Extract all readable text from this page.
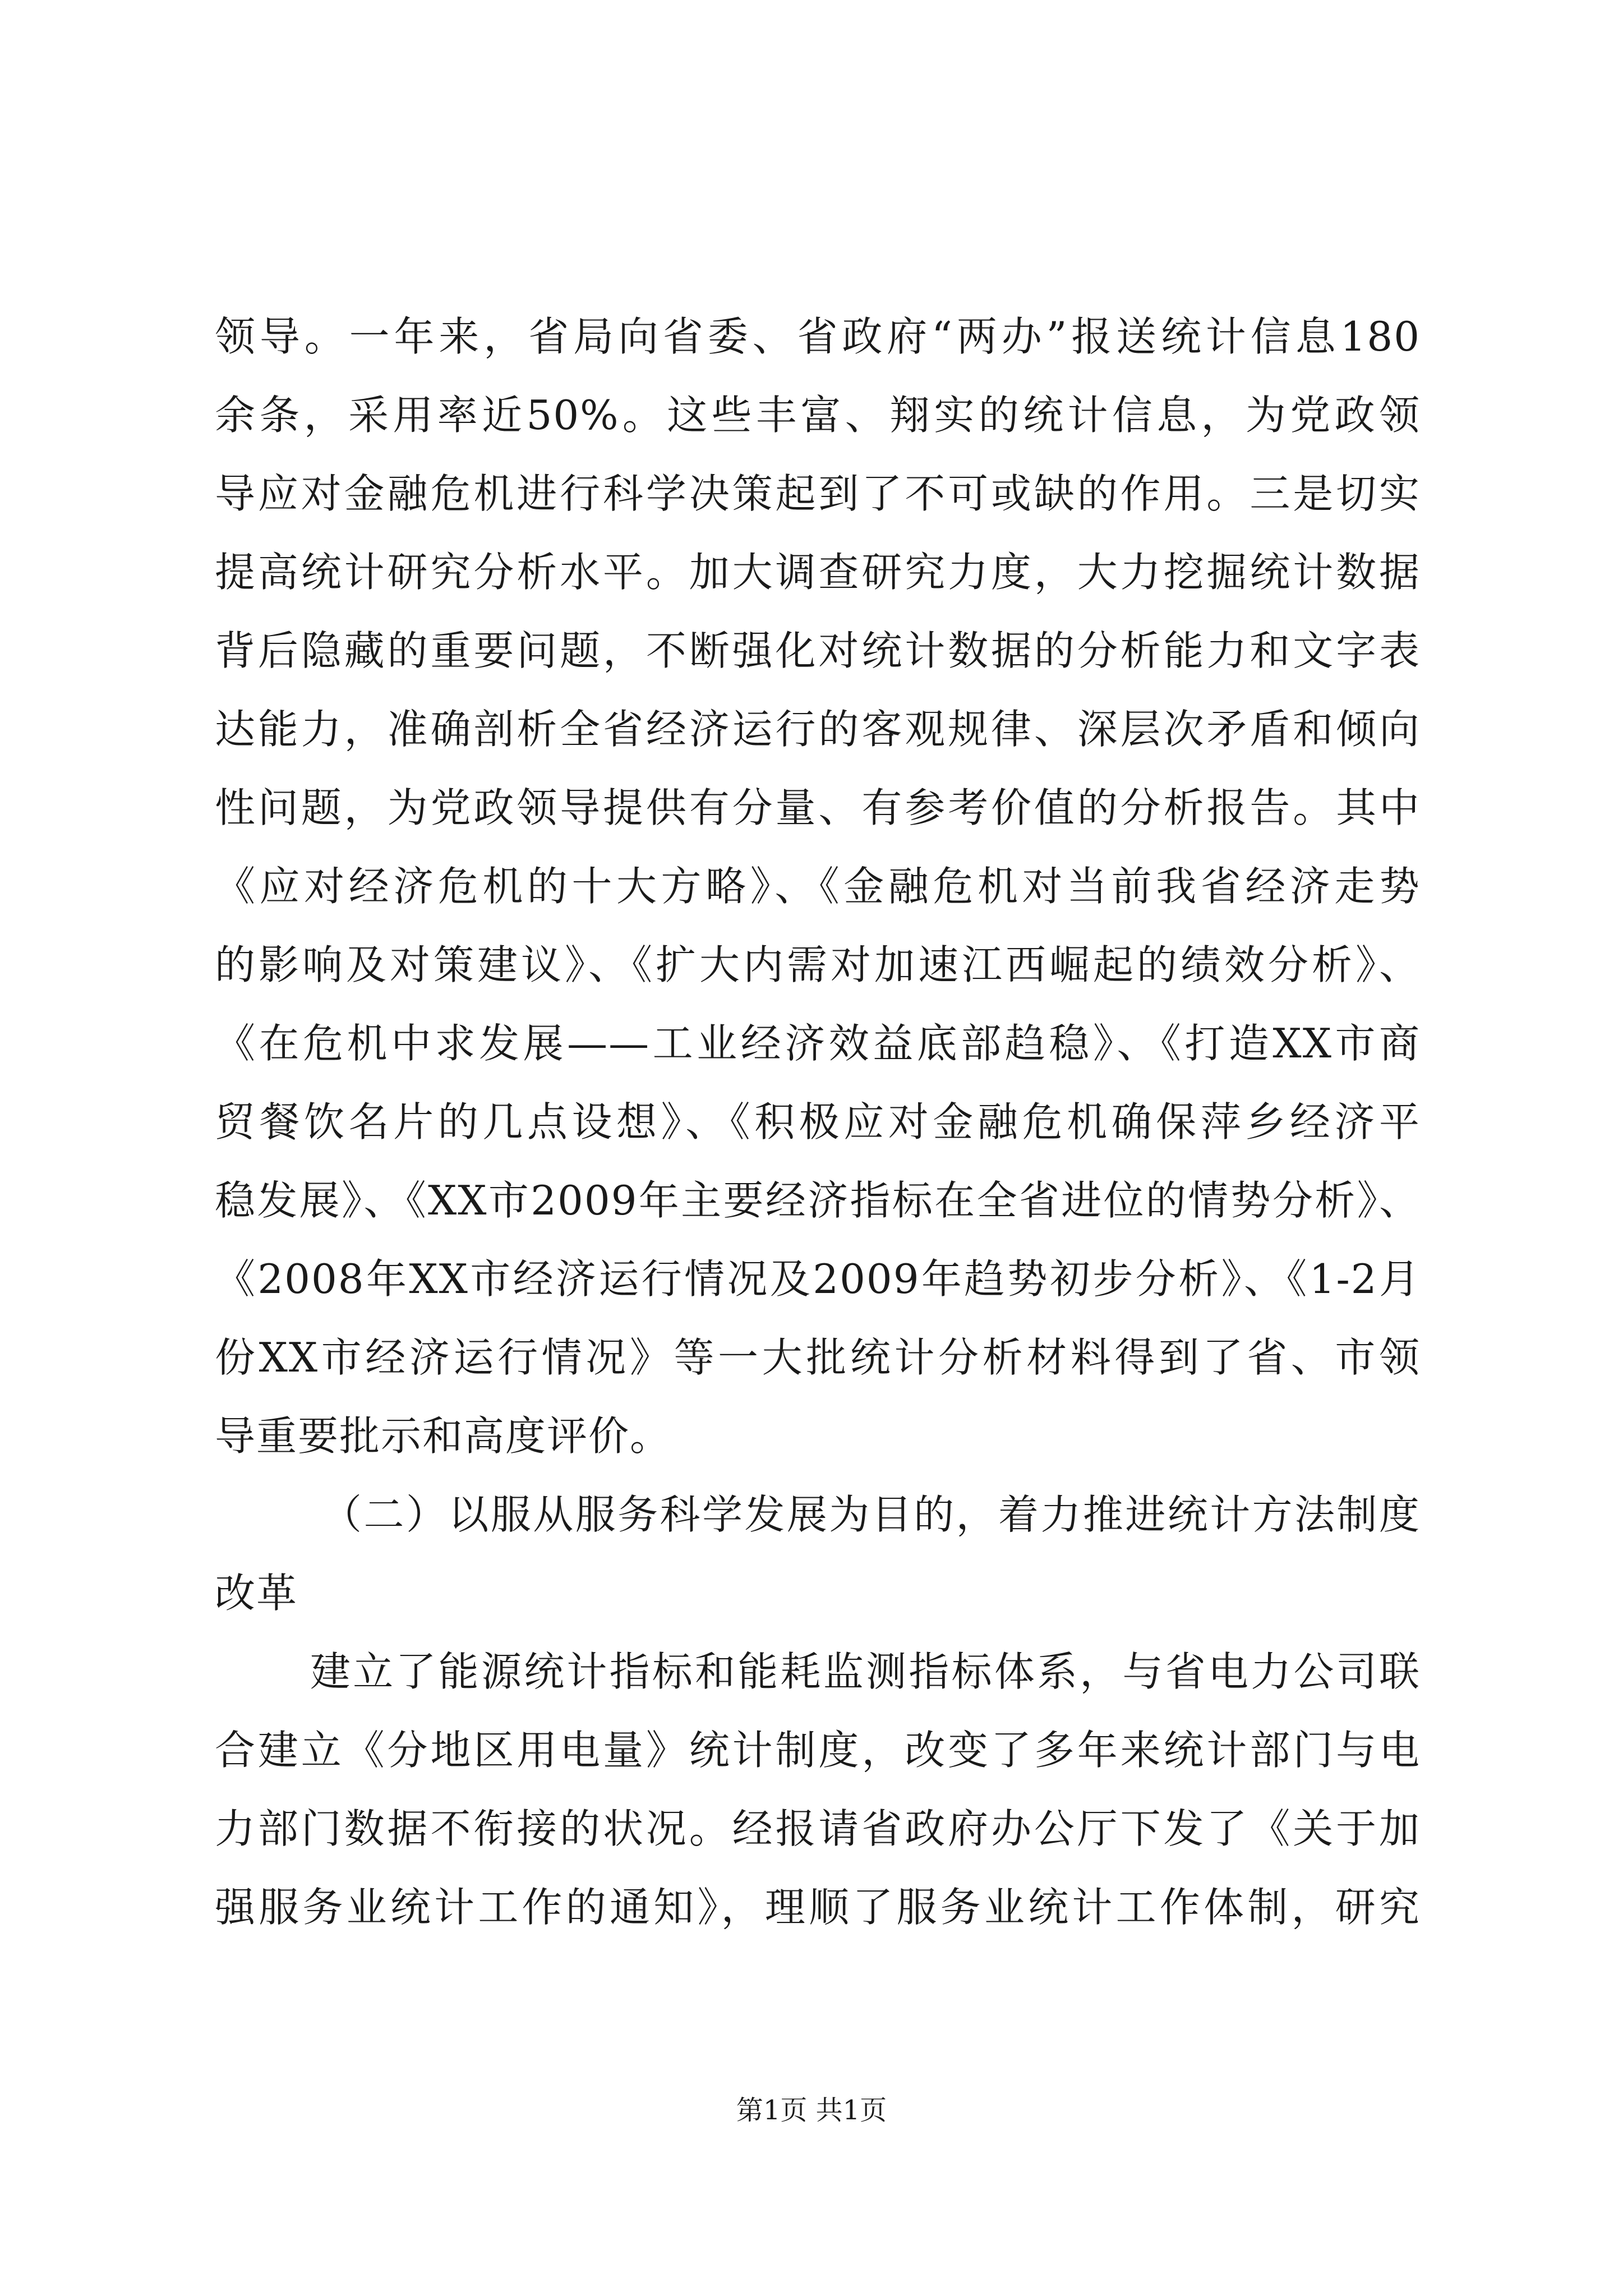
领导。一年来，省局向省委、省政府“两办”报送统计信息180
余条，采用率近50%。这些丰富、翔实的统计信息，为党政领
导应对金融危机进行科学决策起到了不可或缺的作用。三是切实
提高统计研究分析水平。加大调查研究力度，大力挖掘统计数据
背后隐藏的重要问题，不断强化对统计数据的分析能力和文字表
达能力，准确剖析全省经济运行的客观规律、深层次矛盾和倾向
性问题，为党政领导提供有分量、有参考价值的分析报告。其中
《应对经济危机的十大方略》、《金融危机对当前我省经济走势
的影响及对策建议》、《扩大内需对加速江西崛起的绩效分析》、
《在危机中求发展——工业经济效益底部趋稳》、《打造XX市商
贸餐饮名片的几点设想》、《积极应对金融危机确保萍乡经济平
稳发展》、《XX市2009年主要经济指标在全省进位的情势分析》、
《2008年XX市经济运行情况及2009年趋势初步分析》、《1-2月
份XX市经济运行情况》等一大批统计分析材料得到了省、市领
导重要批示和高度评价。
（二）以服从服务科学发展为目的，着力推进统计方法制度
改革
建立了能源统计指标和能耗监测指标体系，与省电力公司联
合建立《分地区用电量》统计制度，改变了多年来统计部门与电
力部门数据不衔接的状况。经报请省政府办公厅下发了《关于加
强服务业统计工作的通知》，理顺了服务业统计工作体制，研究
第1页 共1页
